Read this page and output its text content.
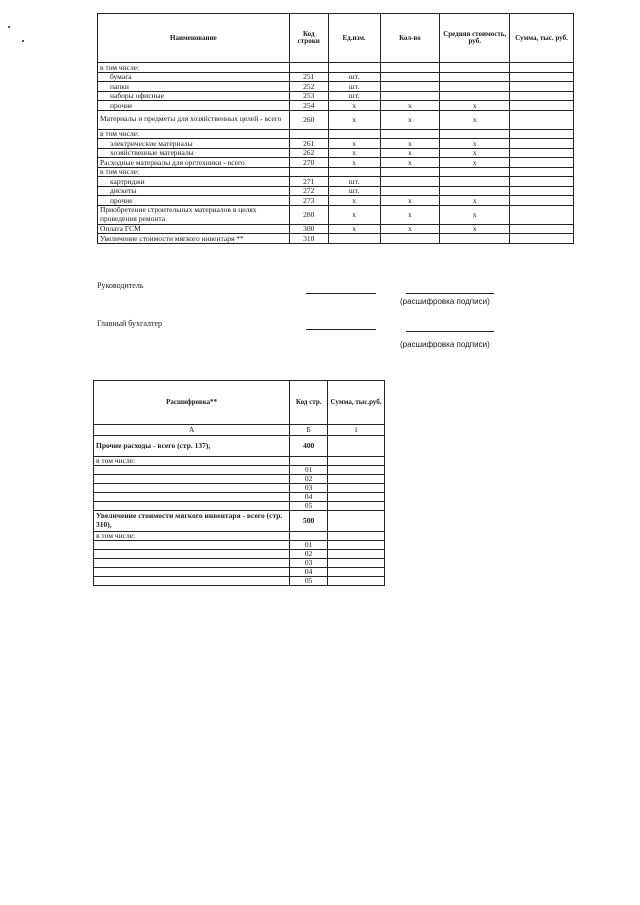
Наименование	Код строки	Ед.изм.	Кол-во	Средняя стоимость, руб.	Сумма, тыс. руб.
в том числе:					
бумага	251	шт.			
папки	252	шт.			
наборы офисные	253	шт.			
прочие	254	x	x	x	
Материалы и предметы для хозяйственных целей - всего	260	x	x	x	
в том числе:					
электрические материалы	261	x	x	x	
хозяйственные материалы	262	x	x	x	
Расходные материалы для оргтехники - всего	270	x	x	x	
в том числе:					
картриджи	271	шт.			
дискеты	272	шт.			
прочие	273	x	x	x	
Приобретение строительных материалов в целях проведения ремонта	280	x	x	x	
Оплата ГСМ	300	x	x	x	
Увеличение стоимости мягкого инвентаря **	310				
Руководитель
(расшифровка подписи)
Главный бухгалтер
(расшифровка подписи)
Расшифровка**	Код стр.	Сумма, тыс.руб.
А	Б	1
Прочие расходы - всего (стр. 137),	400	
в том числе:		
	01	
	02	
	03	
	04	
	05	
Увеличение стоимости мягкого инвентаря - всего (стр. 310),	500	
в том числе:		
	01	
	02	
	03	
	04	
	05	
